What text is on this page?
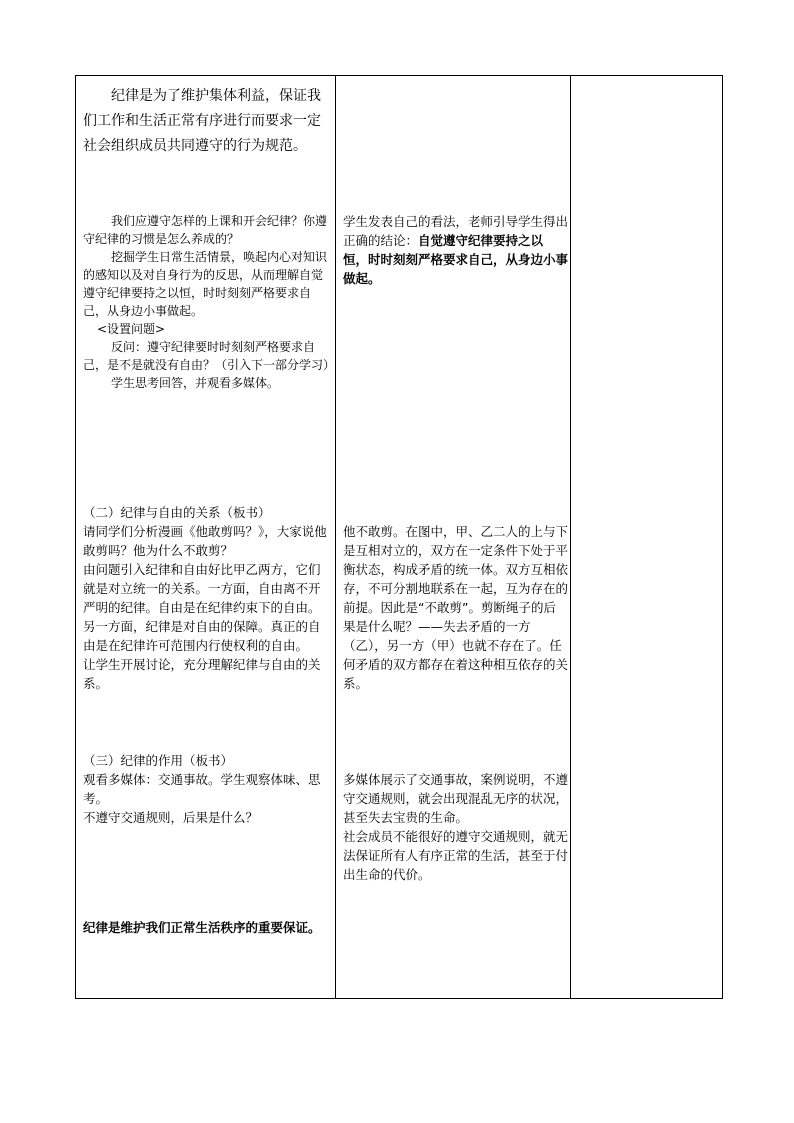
纪律是为了维护集体利益，保证我们工作和生活正常有序进行而要求一定社会组织成员共同遵守的行为规范。

我们应遵守怎样的上课和开会纪律？你遵守纪律的习惯是怎么养成的？

挖掘学生日常生活情景，唤起内心对知识的感知以及对自身行为的反思，从而理解自觉遵守纪律要持之以恒，时时刻刻严格要求自己，从身边小事做起。

<设置问题>

反问：遵守纪律要时时刻刻严格要求自己，是不是就没有自由？（引入下一部分学习）

学生思考回答，并观看多媒体。

（二）纪律与自由的关系（板书）

请同学们分析漫画《他敢剪吗？》，大家说他敢剪吗？他为什么不敢剪？

由问题引入纪律和自由好比甲乙两方，它们就是对立统一的关系。一方面，自由离不开严明的纪律。自由是在纪律约束下的自由。另一方面，纪律是对自由的保障。真正的自由是在纪律许可范围内行使权利的自由。

让学生开展讨论，充分理解纪律与自由的关系。

（三）纪律的作用（板书）

观看多媒体：交通事故。学生观察体味、思考。

不遵守交通规则，后果是什么？

纪律是维护我们正常生活秩序的重要保证。

学生发表自己的看法，老师引导学生得出正确的结论：自觉遵守纪律要持之以恒，时时刻刻严格要求自己，从身边小事做起。

他不敢剪。在图中，甲、乙二人的上与下是互相对立的，双方在一定条件下处于平衡状态，构成矛盾的统一体。双方互相依存，不可分割地联系在一起，互为存在的前提。因此是“不敢剪”。剪断绳子的后果是什么呢？——失去矛盾的一方（乙），另一方（甲）也就不存在了。任何矛盾的双方都存在着这种相互依存的关系。

多媒体展示了交通事故，案例说明，不遵守交通规则，就会出现混乱无序的状况，甚至失去宝贵的生命。

社会成员不能很好的遵守交通规则，就无法保证所有人有序正常的生活，甚至于付出生命的代价。
